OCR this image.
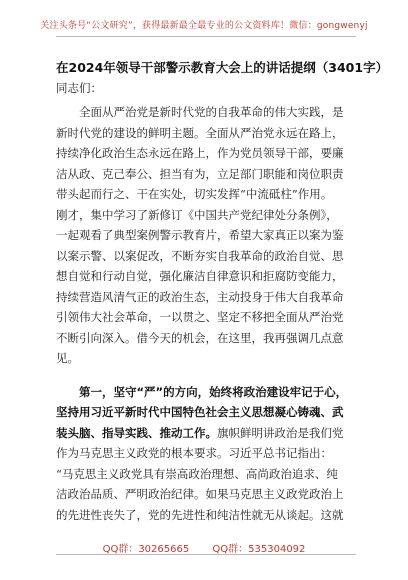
关注头条号“公文研究”，获得最新最全最专业的公文资料库！微信：gongwenyj
在2024年领导干部警示教育大会上的讲话提纲（3401字）
同志们：
全面从严治党是新时代党的自我革命的伟大实践，是
新时代党的建设的鲜明主题。全面从严治党永远在路上，
持续净化政治生态永远在路上，作为党员领导干部，要廉
洁从政、克己奉公、担当有为，立足部门职能和岗位职责
带头起而行之、干在实处，切实发挥“中流砥柱”作用。
刚才，集中学习了新修订《中国共产党纪律处分条例》，
一起观看了典型案例警示教育片，希望大家真正以案为鉴
以案示警、以案促改，不断夯实自我革命的政治自觉、思
想自觉和行动自觉，强化廉洁自律意识和拒腐防变能力，
持续营造风清气正的政治生态，主动投身于伟大自我革命
引领伟大社会革命，一以贯之、坚定不移把全面从严治党
不断引向深入。借今天的机会，在这里，我再强调几点意
见。
第一，坚守“严”的方向，始终将政治建设牢记于心，
坚持用习近平新时代中国特色社会主义思想凝心铸魂、武
装头脑、指导实践、推动工作。旗帜鲜明讲政治是我们党
作为马克思主义政党的根本要求。习近平总书记指出：
“马克思主义政党具有崇高政治理想、高尚政治追求、纯
洁政治品质、严明政治纪律。如果马克思主义政党政治上
的先进性丧失了，党的先进性和纯洁性就无从谈起。这就
QQ群：30265665 QQ群：535304092
